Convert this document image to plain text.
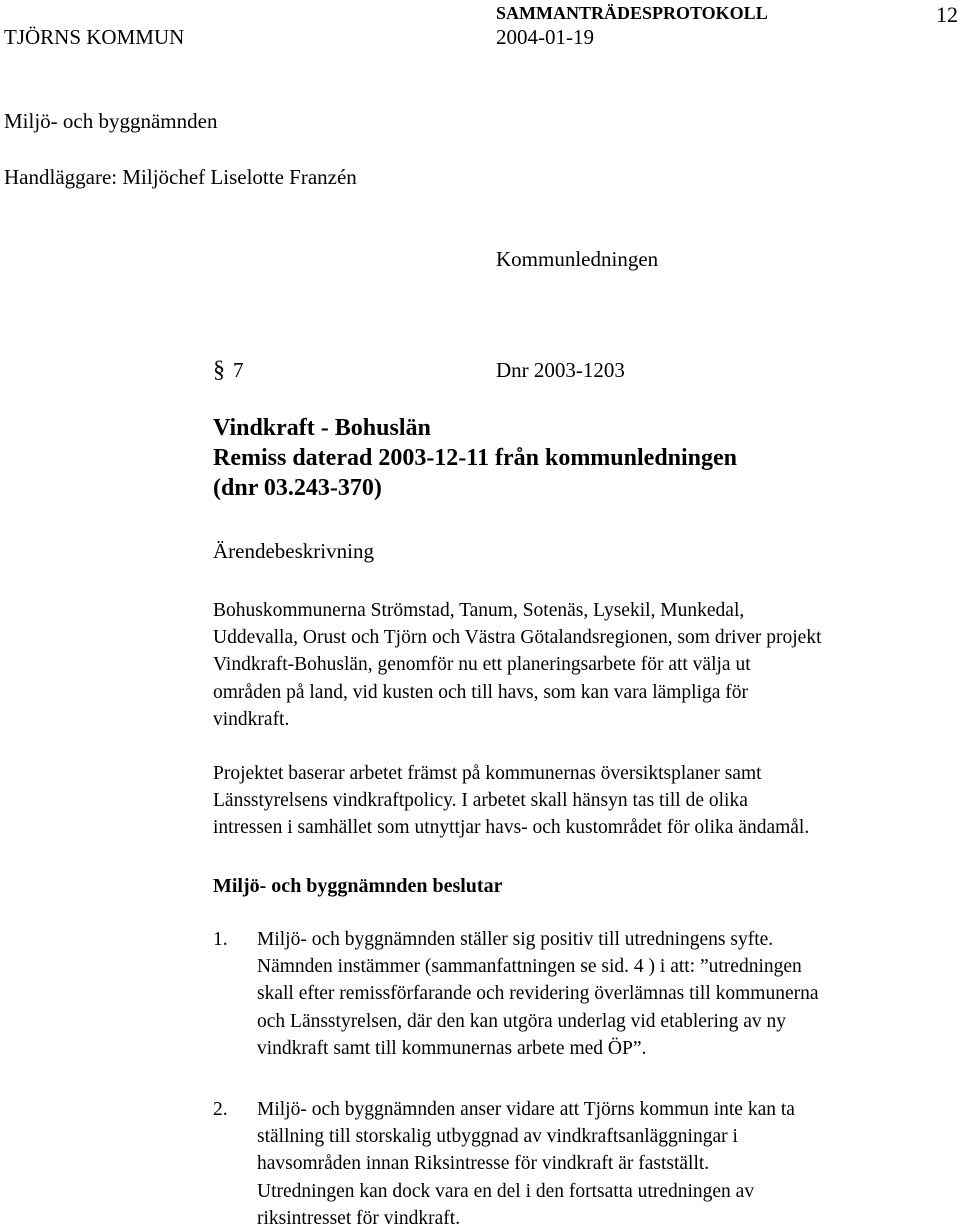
TJÖRNS KOMMUN
SAMMANTRÄDESPROTOKOLL
2004-01-19
12
Miljö- och byggnämnden
Handläggare: Miljöchef Liselotte Franzén
Kommunledningen
§ 7	Dnr 2003-1203
Vindkraft - Bohuslän
Remiss daterad 2003-12-11 från kommunledningen
(dnr 03.243-370)
Ärendebeskrivning
Bohuskommunerna Strömstad, Tanum, Sotenäs, Lysekil, Munkedal,
Uddevalla, Orust och Tjörn och Västra Götalandsregionen, som driver projekt
Vindkraft-Bohuslän, genomför nu ett planeringsarbete för att välja ut
områden på land, vid kusten och till havs, som kan vara lämpliga för
vindkraft.
Projektet baserar arbetet främst på kommunernas översiktsplaner samt
Länsstyrelsens vindkraftpolicy. I arbetet skall hänsyn tas till de olika
intressen i samhället som utnyttjar havs- och kustområdet för olika ändamål.
Miljö- och byggnämnden beslutar
1. Miljö- och byggnämnden ställer sig positiv till utredningens syfte.
Nämnden instämmer (sammanfattningen se sid. 4 ) i att: ”utredningen
skall efter remissförfarande och revidering överlämnas till kommunerna
och Länsstyrelsen, där den kan utgöra underlag vid etablering av ny
vindkraft samt till kommunernas arbete med ÖP”.
2. Miljö- och byggnämnden anser vidare att Tjörns kommun inte kan ta
ställning till storskalig utbyggnad av vindkraftsanläggningar i
havsområden innan Riksintresse för vindkraft är fastställt.
Utredningen kan dock vara en del i den fortsatta utredningen av
riksintresset för vindkraft.
